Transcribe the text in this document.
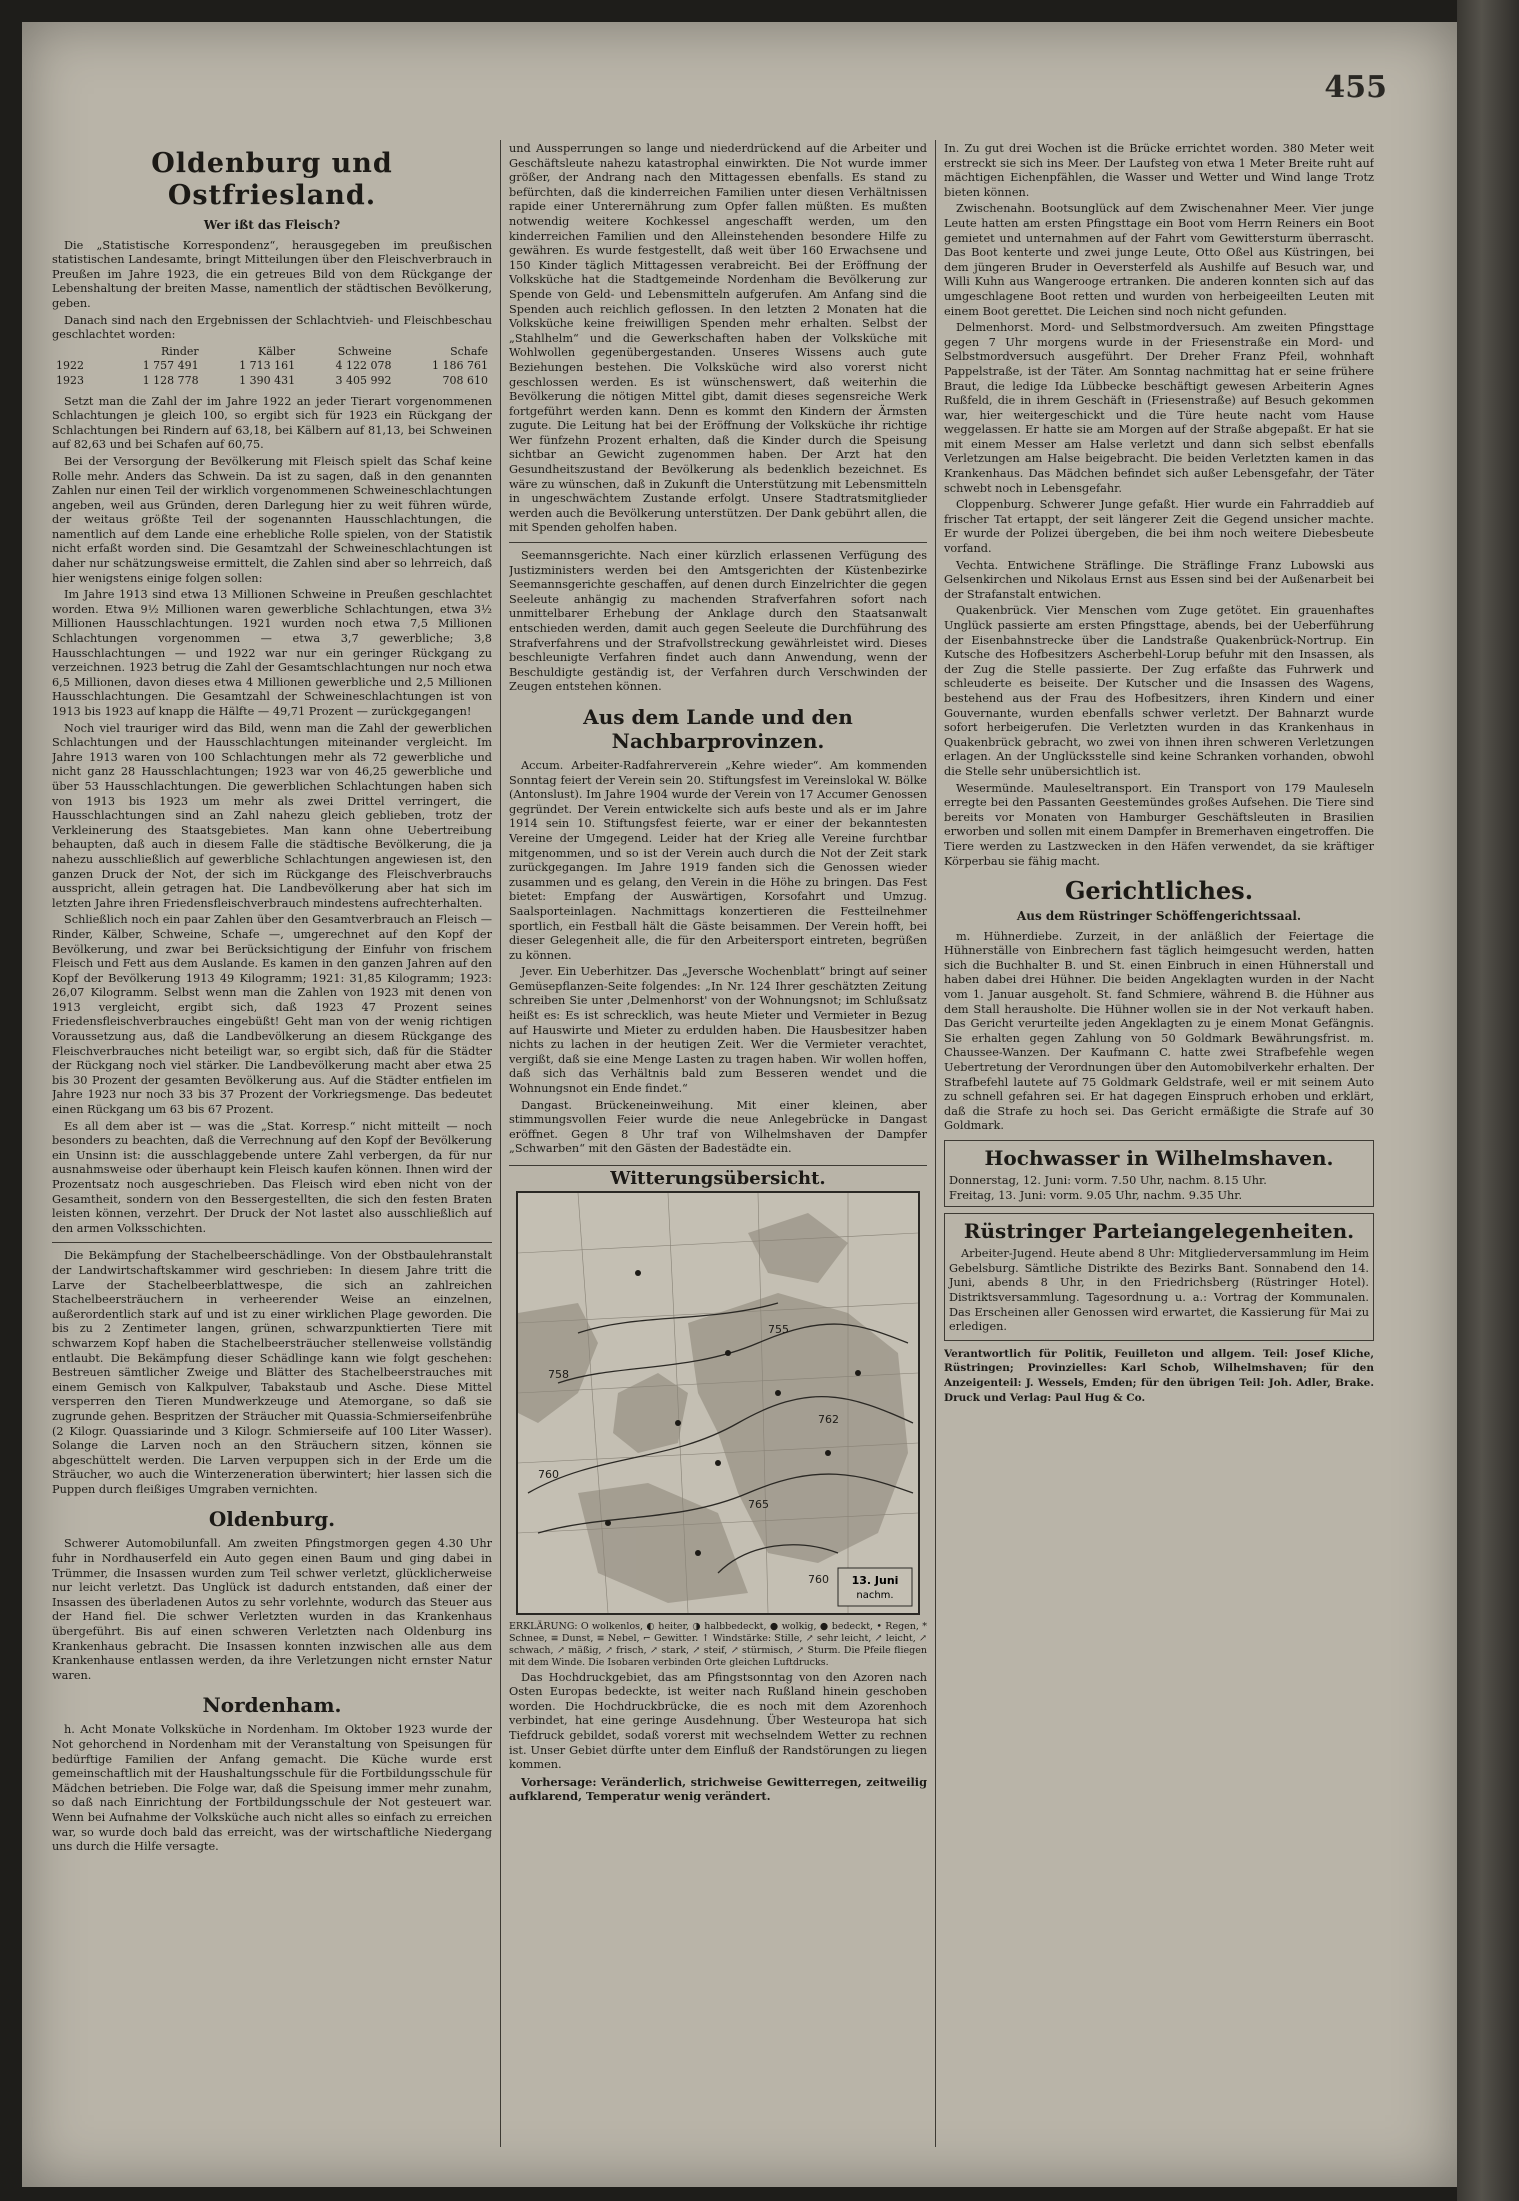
455
Oldenburg und Ostfriesland.
Wer ißt das Fleisch?

Die „Statistische Korrespondenz“, herausgegeben im preußischen statistischen Landesamte, bringt Mitteilungen über den Fleischverbrauch in Preußen im Jahre 1923, die ein getreues Bild von dem Rückgange der Lebenshaltung der breiten Masse, namentlich der städtischen Bevölkerung, geben.

Danach sind nach den Ergebnissen der Schlachtvieh- und Fleischbeschau geschlachtet worden:

	Rinder	Kälber	Schweine	Schafe
1922	1 757 491	1 713 161	4 122 078	1 186 761
1923	1 128 778	1 390 431	3 405 992	708 610

Setzt man die Zahl der im Jahre 1922 an jeder Tierart vorgenommenen Schlachtungen je gleich 100, so ergibt sich für 1923 ein Rückgang der Schlachtungen bei Rindern auf 63,18, bei Kälbern auf 81,13, bei Schweinen auf 82,63 und bei Schafen auf 60,75.

Bei der Versorgung der Bevölkerung mit Fleisch spielt das Schaf keine Rolle mehr. Anders das Schwein. Da ist zu sagen, daß in den genannten Zahlen nur einen Teil der wirklich vorgenommenen Schweineschlachtungen angeben, weil aus Gründen, deren Darlegung hier zu weit führen würde, der weitaus größte Teil der sogenannten Hausschlachtungen, die namentlich auf dem Lande eine erhebliche Rolle spielen, von der Statistik nicht erfaßt worden sind. Die Gesamtzahl der Schweineschlachtungen ist daher nur schätzungsweise ermittelt, die Zahlen sind aber so lehrreich, daß hier wenigstens einige folgen sollen:

Im Jahre 1913 sind etwa 13 Millionen Schweine in Preußen geschlachtet worden. Etwa 9½ Millionen waren gewerbliche Schlachtungen, etwa 3½ Millionen Hausschlachtungen. 1921 wurden noch etwa 7,5 Millionen Schlachtungen vorgenommen — etwa 3,7 gewerbliche; 3,8 Hausschlachtungen — und 1922 war nur ein geringer Rückgang zu verzeichnen. 1923 betrug die Zahl der Gesamtschlachtungen nur noch etwa 6,5 Millionen, davon dieses etwa 4 Millionen gewerbliche und 2,5 Millionen Hausschlachtungen. Die Gesamtzahl der Schweineschlachtungen ist von 1913 bis 1923 auf knapp die Hälfte — 49,71 Prozent — zurückgegangen!

Noch viel trauriger wird das Bild, wenn man die Zahl der gewerblichen Schlachtungen und der Hausschlachtungen miteinander vergleicht. Im Jahre 1913 waren von 100 Schlachtungen mehr als 72 gewerbliche und nicht ganz 28 Hausschlachtungen; 1923 war von 46,25 gewerbliche und über 53 Hausschlachtungen. Die gewerblichen Schlachtungen haben sich von 1913 bis 1923 um mehr als zwei Drittel verringert, die Hausschlachtungen sind an Zahl nahezu gleich geblieben, trotz der Verkleinerung des Staatsgebietes. Man kann ohne Uebertreibung behaupten, daß auch in diesem Falle die städtische Bevölkerung, die ja nahezu ausschließlich auf gewerbliche Schlachtungen angewiesen ist, den ganzen Druck der Not, der sich im Rückgange des Fleischverbrauchs ausspricht, allein getragen hat. Die Landbevölkerung aber hat sich im letzten Jahre ihren Friedensfleischverbrauch mindestens aufrechterhalten.

Schließlich noch ein paar Zahlen über den Gesamtverbrauch an Fleisch — Rinder, Kälber, Schweine, Schafe —, umgerechnet auf den Kopf der Bevölkerung, und zwar bei Berücksichtigung der Einfuhr von frischem Fleisch und Fett aus dem Auslande. Es kamen in den ganzen Jahren auf den Kopf der Bevölkerung 1913 49 Kilogramm; 1921: 31,85 Kilogramm; 1923: 26,07 Kilogramm. Selbst wenn man die Zahlen von 1923 mit denen von 1913 vergleicht, ergibt sich, daß 1923 47 Prozent seines Friedensfleischverbrauches eingebüßt! Geht man von der wenig richtigen Voraussetzung aus, daß die Landbevölkerung an diesem Rückgange des Fleischverbrauches nicht beteiligt war, so ergibt sich, daß für die Städter der Rückgang noch viel stärker. Die Landbevölkerung macht aber etwa 25 bis 30 Prozent der gesamten Bevölkerung aus. Auf die Städter entfielen im Jahre 1923 nur noch 33 bis 37 Prozent der Vorkriegsmenge. Das bedeutet einen Rückgang um 63 bis 67 Prozent.

Es all dem aber ist — was die „Stat. Korresp.“ nicht mitteilt — noch besonders zu beachten, daß die Verrechnung auf den Kopf der Bevölkerung ein Unsinn ist: die ausschlaggebende untere Zahl verbergen, da für nur ausnahmsweise oder überhaupt kein Fleisch kaufen können. Ihnen wird der Prozentsatz noch ausgeschrieben. Das Fleisch wird eben nicht von der Gesamtheit, sondern von den Bessergestellten, die sich den festen Braten leisten können, verzehrt. Der Druck der Not lastet also ausschließlich auf den armen Volksschichten.

Die Bekämpfung der Stachelbeerschädlinge. Von der Obstbaulehranstalt der Landwirtschaftskammer wird geschrieben: In diesem Jahre tritt die Larve der Stachelbeerblattwespe, die sich an zahlreichen Stachelbeersträuchern in verheerender Weise an einzelnen, außerordentlich stark auf und ist zu einer wirklichen Plage geworden. Die bis zu 2 Zentimeter langen, grünen, schwarzpunktierten Tiere mit schwarzem Kopf haben die Stachelbeersträucher stellenweise vollständig entlaubt. Die Bekämpfung dieser Schädlinge kann wie folgt geschehen: Bestreuen sämtlicher Zweige und Blätter des Stachelbeerstrauches mit einem Gemisch von Kalkpulver, Tabakstaub und Asche. Diese Mittel versperren den Tieren Mundwerkzeuge und Atemorgane, so daß sie zugrunde gehen. Bespritzen der Sträucher mit Quassia-Schmierseifenbrühe (2 Kilogr. Quassiarinde und 3 Kilogr. Schmierseife auf 100 Liter Wasser). Solange die Larven noch an den Sträuchern sitzen, können sie abgeschüttelt werden. Die Larven verpuppen sich in der Erde um die Sträucher, wo auch die Winterzeneration überwintert; hier lassen sich die Puppen durch fleißiges Umgraben vernichten.

Oldenburg.

Schwerer Automobilunfall. Am zweiten Pfingstmorgen gegen 4.30 Uhr fuhr in Nordhauserfeld ein Auto gegen einen Baum und ging dabei in Trümmer, die Insassen wurden zum Teil schwer verletzt, glücklicherweise nur leicht verletzt. Das Unglück ist dadurch entstanden, daß einer der Insassen des überladenen Autos zu sehr vorlehnte, wodurch das Steuer aus der Hand fiel. Die schwer Verletzten wurden in das Krankenhaus übergeführt. Bis auf einen schweren Verletzten nach Oldenburg ins Krankenhaus gebracht. Die Insassen konnten inzwischen alle aus dem Krankenhause entlassen werden, da ihre Verletzungen nicht ernster Natur waren.

Nordenham.

h. Acht Monate Volksküche in Nordenham. Im Oktober 1923 wurde der Not gehorchend in Nordenham mit der Veranstaltung von Speisungen für bedürftige Familien der Anfang gemacht. Die Küche wurde erst gemeinschaftlich mit der Haushaltungsschule für die Fortbildungsschule für Mädchen betrieben. Die Folge war, daß die Speisung immer mehr zunahm, so daß nach Einrichtung der Fortbildungsschule der Not gesteuert war. Wenn bei Aufnahme der Volksküche auch nicht alles so einfach zu erreichen war, so wurde doch bald das erreicht, was der wirtschaftliche Niedergang uns durch die Hilfe versagte.

und Aussperrungen so lange und niederdrückend auf die Arbeiter und Geschäftsleute nahezu katastrophal einwirkten. Die Not wurde immer größer, der Andrang nach den Mittagessen ebenfalls. Es stand zu befürchten, daß die kinderreichen Familien unter diesen Verhältnissen rapide einer Unterernährung zum Opfer fallen müßten. Es mußten notwendig weitere Kochkessel angeschafft werden, um den kinderreichen Familien und den Alleinstehenden besondere Hilfe zu gewähren. Es wurde festgestellt, daß weit über 160 Erwachsene und 150 Kinder täglich Mittagessen verabreicht. Bei der Eröffnung der Volksküche hat die Stadtgemeinde Nordenham die Bevölkerung zur Spende von Geld- und Lebensmitteln aufgerufen. Am Anfang sind die Spenden auch reichlich geflossen. In den letzten 2 Monaten hat die Volksküche keine freiwilligen Spenden mehr erhalten. Selbst der „Stahlhelm“ und die Gewerkschaften haben der Volksküche mit Wohlwollen gegenübergestanden. Unseres Wissens auch gute Beziehungen bestehen. Die Volksküche wird also vorerst nicht geschlossen werden. Es ist wünschenswert, daß weiterhin die Bevölkerung die nötigen Mittel gibt, damit dieses segensreiche Werk fortgeführt werden kann. Denn es kommt den Kindern der Ärmsten zugute. Die Leitung hat bei der Eröffnung der Volksküche ihr richtige Wer fünfzehn Prozent erhalten, daß die Kinder durch die Speisung sichtbar an Gewicht zugenommen haben. Der Arzt hat den Gesundheitszustand der Bevölkerung als bedenklich bezeichnet. Es wäre zu wünschen, daß in Zukunft die Unterstützung mit Lebensmitteln in ungeschwächtem Zustande erfolgt. Unsere Stadtratsmitglieder werden auch die Bevölkerung unterstützen. Der Dank gebührt allen, die mit Spenden geholfen haben.

Seemannsgerichte. Nach einer kürzlich erlassenen Verfügung des Justizministers werden bei den Amtsgerichten der Küstenbezirke Seemannsgerichte geschaffen, auf denen durch Einzelrichter die gegen Seeleute anhängig zu machenden Strafverfahren sofort nach unmittelbarer Erhebung der Anklage durch den Staatsanwalt entschieden werden, damit auch gegen Seeleute die Durchführung des Strafverfahrens und der Strafvollstreckung gewährleistet wird. Dieses beschleunigte Verfahren findet auch dann Anwendung, wenn der Beschuldigte geständig ist, der Verfahren durch Verschwinden der Zeugen entstehen können.

Aus dem Lande und den Nachbarprovinzen.

Accum. Arbeiter-Radfahrerverein „Kehre wieder“. Am kommenden Sonntag feiert der Verein sein 20. Stiftungsfest im Vereinslokal W. Bölke (Antonslust). Im Jahre 1904 wurde der Verein von 17 Accumer Genossen gegründet. Der Verein entwickelte sich aufs beste und als er im Jahre 1914 sein 10. Stiftungsfest feierte, war er einer der bekanntesten Vereine der Umgegend. Leider hat der Krieg alle Vereine furchtbar mitgenommen, und so ist der Verein auch durch die Not der Zeit stark zurückgegangen. Im Jahre 1919 fanden sich die Genossen wieder zusammen und es gelang, den Verein in die Höhe zu bringen. Das Fest bietet: Empfang der Auswärtigen, Korsofahrt und Umzug. Saalsporteinlagen. Nachmittags konzertieren die Festteilnehmer sportlich, ein Festball hält die Gäste beisammen. Der Verein hofft, bei dieser Gelegenheit alle, die für den Arbeitersport eintreten, begrüßen zu können.

Jever. Ein Ueberhitzer. Das „Jeversche Wochenblatt“ bringt auf seiner Gemüsepflanzen-Seite folgendes: „In Nr. 124 Ihrer geschätzten Zeitung schreiben Sie unter ,Delmenhorst' von der Wohnungsnot; im Schlußsatz heißt es: Es ist schrecklich, was heute Mieter und Vermieter in Bezug auf Hauswirte und Mieter zu erdulden haben. Die Hausbesitzer haben nichts zu lachen in der heutigen Zeit. Wer die Vermieter verachtet, vergißt, daß sie eine Menge Lasten zu tragen haben. Wir wollen hoffen, daß sich das Verhältnis bald zum Besseren wendet und die Wohnungsnot ein Ende findet.“

Dangast. Brückeneinweihung. Mit einer kleinen, aber stimmungsvollen Feier wurde die neue Anlegebrücke in Dangast eröffnet. Gegen 8 Uhr traf von Wilhelmshaven der Dampfer „Schwarben“ mit den Gästen der Badestädte ein.

Witterungsübersicht.
760
762
765
758
755
760 13. Juni
nachm.

ERKLÄRUNG: O wolkenlos, ◐ heiter, ◑ halbbedeckt, ● wolkig, ● bedeckt, • Regen, * Schnee, ≡ Dunst, ≡ Nebel, ⌐ Gewitter. ↑ Windstärke: Stille, ↗ sehr leicht, ↗ leicht, ↗ schwach, ↗ mäßig, ↗ frisch, ↗ stark, ↗ steif, ↗ stürmisch, ↗ Sturm. Die Pfeile fliegen mit dem Winde. Die Isobaren verbinden Orte gleichen Luftdrucks.

Das Hochdruckgebiet, das am Pfingstsonntag von den Azoren nach Osten Europas bedeckte, ist weiter nach Rußland hinein geschoben worden. Die Hochdruckbrücke, die es noch mit dem Azorenhoch verbindet, hat eine geringe Ausdehnung. Über Westeuropa hat sich Tiefdruck gebildet, sodaß vorerst mit wechselndem Wetter zu rechnen ist. Unser Gebiet dürfte unter dem Einfluß der Randstörungen zu liegen kommen.

Vorhersage: Veränderlich, strichweise Gewitterregen, zeitweilig aufklarend, Temperatur wenig verändert.

In. Zu gut drei Wochen ist die Brücke errichtet worden. 380 Meter weit erstreckt sie sich ins Meer. Der Laufsteg von etwa 1 Meter Breite ruht auf mächtigen Eichenpfählen, die Wasser und Wetter und Wind lange Trotz bieten können.

Zwischenahn. Bootsunglück auf dem Zwischenahner Meer. Vier junge Leute hatten am ersten Pfingsttage ein Boot vom Herrn Reiners ein Boot gemietet und unternahmen auf der Fahrt vom Gewittersturm überrascht. Das Boot kenterte und zwei junge Leute, Otto Oßel aus Küstringen, bei dem jüngeren Bruder in Oeversterfeld als Aushilfe auf Besuch war, und Willi Kuhn aus Wangerooge ertranken. Die anderen konnten sich auf das umgeschlagene Boot retten und wurden von herbeigeeilten Leuten mit einem Boot gerettet. Die Leichen sind noch nicht gefunden.

Delmenhorst. Mord- und Selbstmordversuch. Am zweiten Pfingsttage gegen 7 Uhr morgens wurde in der Friesenstraße ein Mord- und Selbstmordversuch ausgeführt. Der Dreher Franz Pfeil, wohnhaft Pappelstraße, ist der Täter. Am Sonntag nachmittag hat er seine frühere Braut, die ledige Ida Lübbecke beschäftigt gewesen Arbeiterin Agnes Rußfeld, die in ihrem Geschäft in (Friesenstraße) auf Besuch gekommen war, hier weitergeschickt und die Türe heute nacht vom Hause weggelassen. Er hatte sie am Morgen auf der Straße abgepaßt. Er hat sie mit einem Messer am Halse verletzt und dann sich selbst ebenfalls Verletzungen am Halse beigebracht. Die beiden Verletzten kamen in das Krankenhaus. Das Mädchen befindet sich außer Lebensgefahr, der Täter schwebt noch in Lebensgefahr.

Cloppenburg. Schwerer Junge gefaßt. Hier wurde ein Fahrraddieb auf frischer Tat ertappt, der seit längerer Zeit die Gegend unsicher machte. Er wurde der Polizei übergeben, die bei ihm noch weitere Diebesbeute vorfand.

Vechta. Entwichene Sträflinge. Die Sträflinge Franz Lubowski aus Gelsenkirchen und Nikolaus Ernst aus Essen sind bei der Außenarbeit bei der Strafanstalt entwichen.

Quakenbrück. Vier Menschen vom Zuge getötet. Ein grauenhaftes Unglück passierte am ersten Pfingsttage, abends, bei der Ueberführung der Eisenbahnstrecke über die Landstraße Quakenbrück-Nortrup. Ein Kutsche des Hofbesitzers Ascherbehl-Lorup befuhr mit den Insassen, als der Zug die Stelle passierte. Der Zug erfaßte das Fuhrwerk und schleuderte es beiseite. Der Kutscher und die Insassen des Wagens, bestehend aus der Frau des Hofbesitzers, ihren Kindern und einer Gouvernante, wurden ebenfalls schwer verletzt. Der Bahnarzt wurde sofort herbeigerufen. Die Verletzten wurden in das Krankenhaus in Quakenbrück gebracht, wo zwei von ihnen ihren schweren Verletzungen erlagen. An der Unglücksstelle sind keine Schranken vorhanden, obwohl die Stelle sehr unübersichtlich ist.

Wesermünde. Mauleseltransport. Ein Transport von 179 Mauleseln erregte bei den Passanten Geestemündes großes Aufsehen. Die Tiere sind bereits vor Monaten von Hamburger Geschäftsleuten in Brasilien erworben und sollen mit einem Dampfer in Bremerhaven eingetroffen. Die Tiere werden zu Lastzwecken in den Häfen verwendet, da sie kräftiger Körperbau sie fähig macht.

Gerichtliches.
Aus dem Rüstringer Schöffengerichtssaal.

m. Hühnerdiebe. Zurzeit, in der anläßlich der Feiertage die Hühnerställe von Einbrechern fast täglich heimgesucht werden, hatten sich die Buchhalter B. und St. einen Einbruch in einen Hühnerstall und haben dabei drei Hühner. Die beiden Angeklagten wurden in der Nacht vom 1. Januar ausgeholt. St. fand Schmiere, während B. die Hühner aus dem Stall herausholte. Die Hühner wollen sie in der Not verkauft haben. Das Gericht verurteilte jeden Angeklagten zu je einem Monat Gefängnis. Sie erhalten gegen Zahlung von 50 Goldmark Bewährungsfrist. m. Chaussee-Wanzen. Der Kaufmann C. hatte zwei Strafbefehle wegen Uebertretung der Verordnungen über den Automobilverkehr erhalten. Der Strafbefehl lautete auf 75 Goldmark Geldstrafe, weil er mit seinem Auto zu schnell gefahren sei. Er hat dagegen Einspruch erhoben und erklärt, daß die Strafe zu hoch sei. Das Gericht ermäßigte die Strafe auf 30 Goldmark.

Hochwasser in Wilhelmshaven.
Donnerstag, 12. Juni: vorm. 7.50 Uhr, nachm. 8.15 Uhr.
Freitag, 13. Juni: vorm. 9.05 Uhr, nachm. 9.35 Uhr.
Rüstringer Parteiangelegenheiten.

Arbeiter-Jugend. Heute abend 8 Uhr: Mitgliederversammlung im Heim Gebelsburg. Sämtliche Distrikte des Bezirks Bant. Sonnabend den 14. Juni, abends 8 Uhr, in den Friedrichsberg (Rüstringer Hotel). Distriktsversammlung. Tagesordnung u. a.: Vortrag der Kommunalen. Das Erscheinen aller Genossen wird erwartet, die Kassierung für Mai zu erledigen.

Verantwortlich für Politik, Feuilleton und allgem. Teil: Josef Kliche, Rüstringen; Provinzielles: Karl Schob, Wilhelmshaven; für den Anzeigenteil: J. Wessels, Emden; für den übrigen Teil: Joh. Adler, Brake. Druck und Verlag: Paul Hug & Co.
